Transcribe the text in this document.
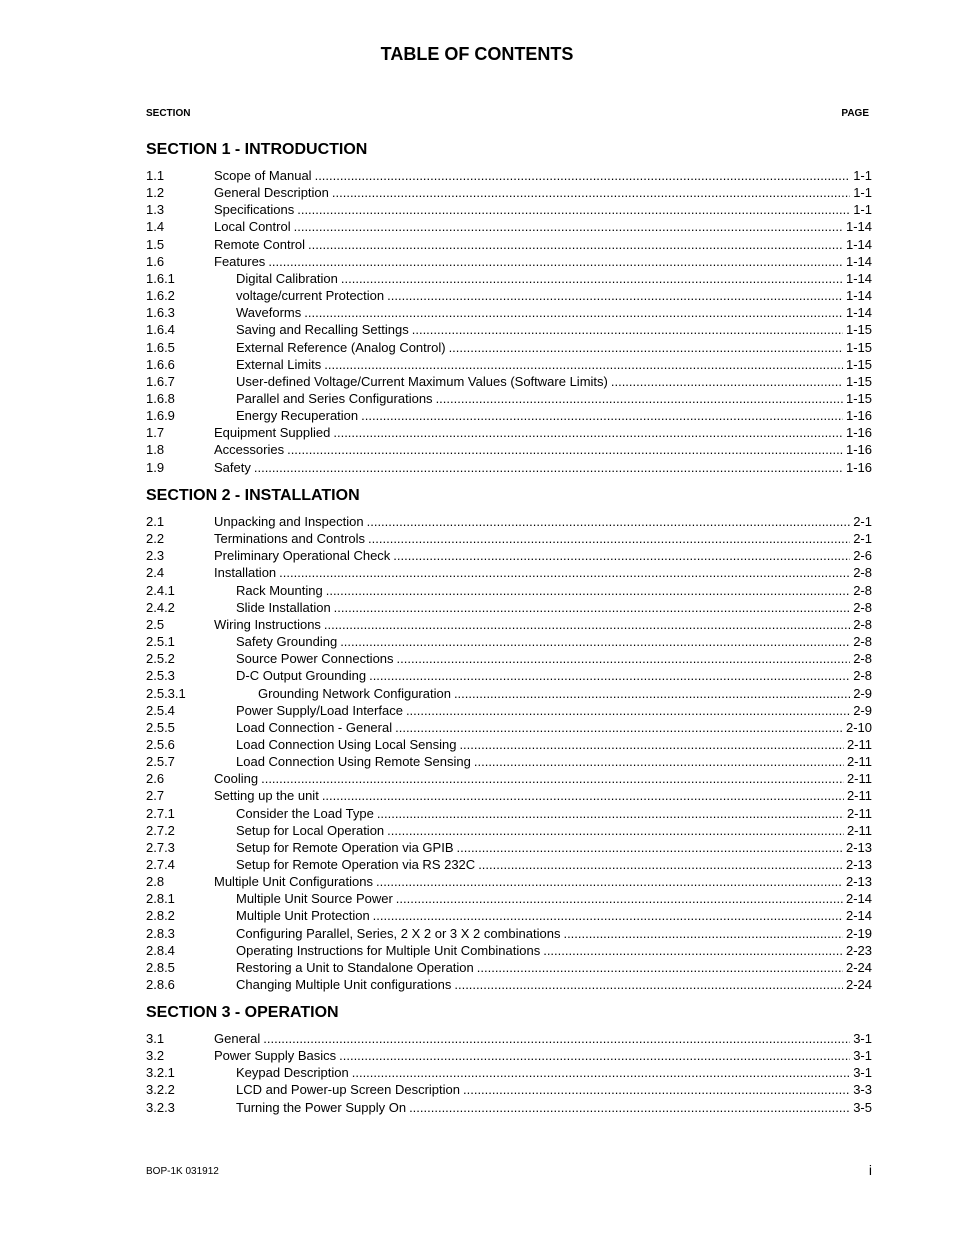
TABLE OF CONTENTS
SECTION	PAGE
SECTION 1 - INTRODUCTION
1.1	Scope of Manual .....	1-1
1.2	General Description .....	1-1
1.3	Specifications .....	1-1
1.4	Local Control .....	1-14
1.5	Remote Control .....	1-14
1.6	Features .....	1-14
1.6.1	Digital Calibration .....	1-14
1.6.2	voltage/current Protection .....	1-14
1.6.3	Waveforms .....	1-14
1.6.4	Saving and Recalling Settings .....	1-15
1.6.5	External Reference (Analog Control) .....	1-15
1.6.6	External Limits .....	1-15
1.6.7	User-defined Voltage/Current Maximum Values (Software Limits) .....	1-15
1.6.8	Parallel and Series Configurations .....	1-15
1.6.9	Energy Recuperation .....	1-16
1.7	Equipment Supplied .....	1-16
1.8	Accessories .....	1-16
1.9	Safety .....	1-16
SECTION 2 - INSTALLATION
2.1	Unpacking and Inspection .....	2-1
2.2	Terminations and Controls .....	2-1
2.3	Preliminary Operational Check .....	2-6
2.4	Installation .....	2-8
2.4.1	Rack Mounting .....	2-8
2.4.2	Slide Installation .....	2-8
2.5	Wiring Instructions .....	2-8
2.5.1	Safety Grounding .....	2-8
2.5.2	Source Power Connections .....	2-8
2.5.3	D-C Output Grounding .....	2-8
2.5.3.1	Grounding Network Configuration .....	2-9
2.5.4	Power Supply/Load Interface .....	2-9
2.5.5	Load Connection - General .....	2-10
2.5.6	Load Connection Using Local Sensing .....	2-11
2.5.7	Load Connection Using Remote Sensing .....	2-11
2.6	Cooling .....	2-11
2.7	Setting up the unit .....	2-11
2.7.1	Consider the Load Type .....	2-11
2.7.2	Setup for Local Operation .....	2-11
2.7.3	Setup for Remote Operation via GPIB .....	2-13
2.7.4	Setup for Remote Operation via RS 232C .....	2-13
2.8	Multiple Unit Configurations .....	2-13
2.8.1	Multiple Unit Source Power .....	2-14
2.8.2	Multiple Unit Protection .....	2-14
2.8.3	Configuring Parallel, Series, 2 X 2 or 3 X 2 combinations .....	2-19
2.8.4	Operating Instructions for Multiple Unit Combinations .....	2-23
2.8.5	Restoring a Unit to Standalone Operation .....	2-24
2.8.6	Changing Multiple Unit configurations .....	2-24
SECTION 3 - OPERATION
3.1	General .....	3-1
3.2	Power Supply Basics .....	3-1
3.2.1	Keypad Description .....	3-1
3.2.2	LCD and Power-up Screen Description .....	3-3
3.2.3	Turning the Power Supply On .....	3-5
BOP-1K 031912	i
